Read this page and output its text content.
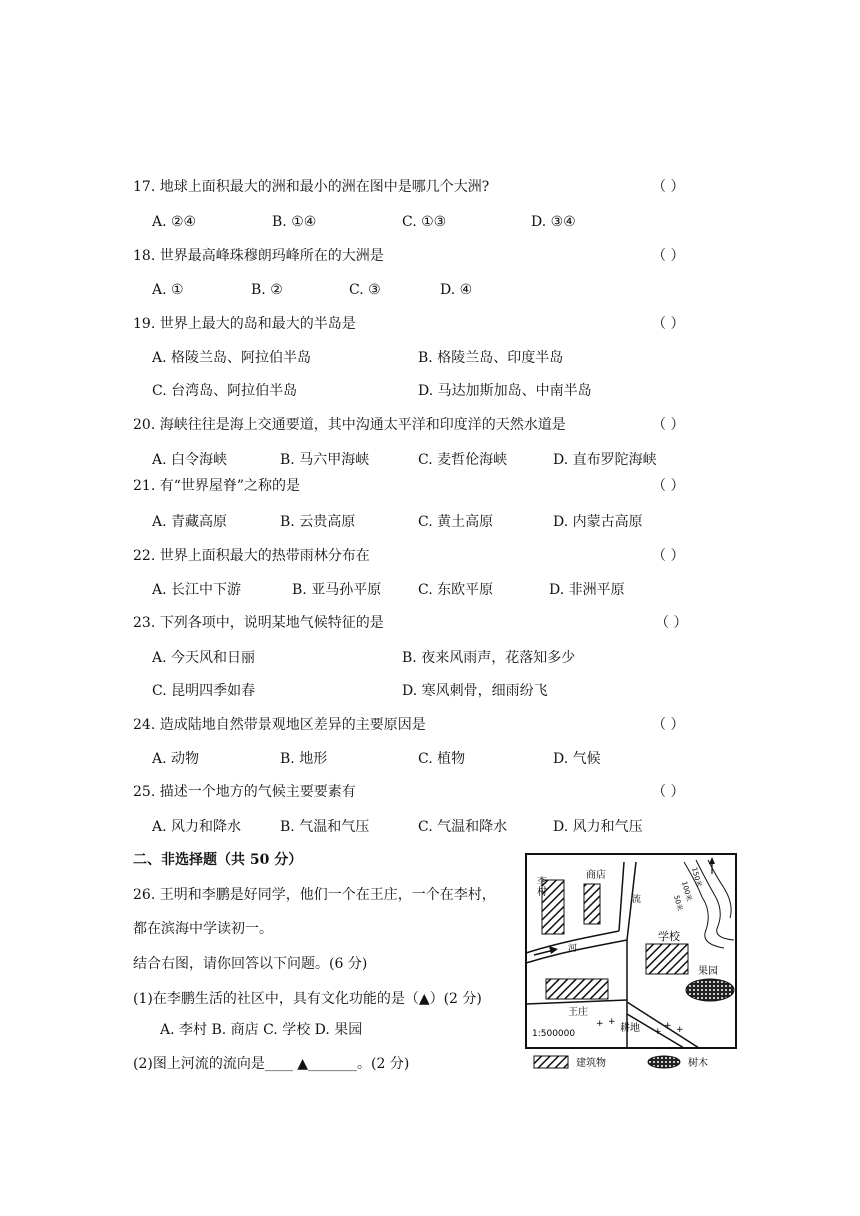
17. 地球上面积最大的洲和最小的洲在图中是哪几个大洲?	（ ）
A. ②④	B. ①④	C. ①③	D. ③④
18. 世界最高峰珠穆朗玛峰所在的大洲是	（ ）
A. ①	B. ②	C. ③	D. ④
19. 世界上最大的岛和最大的半岛是	（ ）
A. 格陵兰岛、阿拉伯半岛	B. 格陵兰岛、印度半岛
C. 台湾岛、阿拉伯半岛	D. 马达加斯加岛、中南半岛
20. 海峡往往是海上交通要道，其中沟通太平洋和印度洋的天然水道是	（ ）
A. 白令海峡	B. 马六甲海峡	C. 麦哲伦海峡	D. 直布罗陀海峡
21. 有“世界屋脊”之称的是	（ ）
A. 青藏高原	B. 云贵高原	C. 黄土高原	D. 内蒙古高原
22. 世界上面积最大的热带雨林分布在	（ ）
A. 长江中下游	B. 亚马孙平原	C. 东欧平原	D. 非洲平原
23. 下列各项中，说明某地气候特征的是	（ ）
A. 今天风和日丽	B. 夜来风雨声，花落知多少
C. 昆明四季如春	D. 寒风刺骨，细雨纷飞
24. 造成陆地自然带景观地区差异的主要原因是	（ ）
A. 动物	B. 地形	C. 植物	D. 气候
25. 描述一个地方的气候主要要素有	（ ）
A. 风力和降水	B. 气温和气压	C. 气温和降水	D. 风力和气压
二、非选择题（共 50 分）
26. 王明和李鹏是好同学，他们一个在王庄，一个在李村，
都在滨海中学读初一。
结合右图，请你回答以下问题。(6 分)
(1)在李鹏生活的社区中，具有文化功能的是（▲）(2 分)
A. 李村 B. 商店 C. 学校 D. 果园
(2)图上河流的流向是____ ▲_______。(2 分)
李村
商店
流
河
学校
果园
王庄
耕地
1:500000
150米
100米
50米
+ +	+ +
+
建筑物	树木
